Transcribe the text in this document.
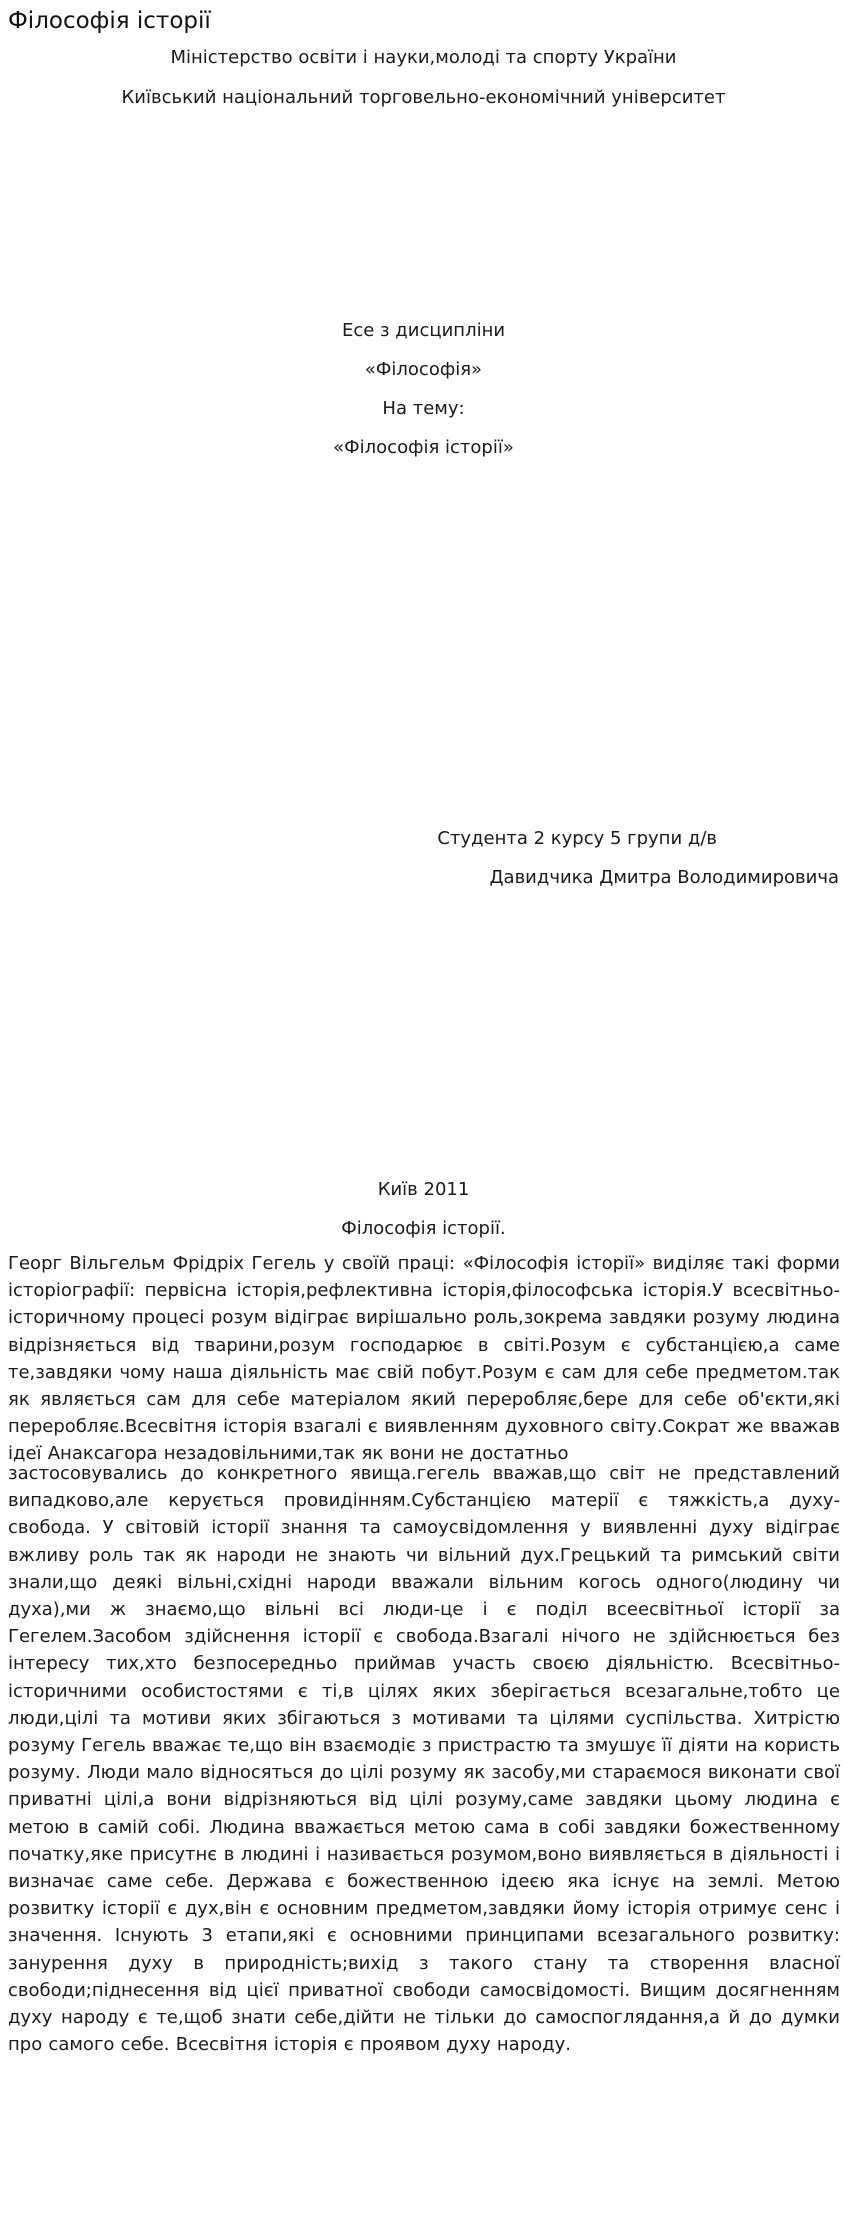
Філософія історії
Міністерство освіти і науки,молоді та спорту України
Київський національний торговельно-економічний університет
Есе з дисципліни
«Філософія»
На тему:
«Філософія історії»
Студента 2 курсу 5 групи д/в
Давидчика Дмитра Володимировича
Київ 2011
Філософія історії.
Георг Вільгельм Фрідріх Гегель у своїй праці: «Філософія історії» виділяє такі форми історіографії: первісна історія,рефлективна історія,філософська історія.У всесвітньо-історичному процесі розум відіграє вирішально роль,зокрема завдяки розуму людина відрізняється від тварини,розум господарює в світі.Розум є субстанцією,а саме те,завдяки чому наша діяльність має свій побут.Розум є сам для себе предметом.так як являється сам для себе матеріалом який переробляє,бере для себе об'єкти,які переробляє.Всесвітня історія взагалі є виявленням духовного світу.Сократ же вважав ідеї Анаксагора незадовільними,так як вони не достатньо
застосовувались до конкретного явища.гегель вважав,що світ не представлений випадково,але керується провидінням.Субстанцією матерії є тяжкість,а духу-свобода. У світовій історії знання та самоусвідомлення у виявленні духу відіграє вжливу роль так як народи не знають чи вільний дух.Грецький та римський світи знали,що деякі вільні,східні народи вважали вільним когось одного(людину чи духа),ми ж знаємо,що вільні всі люди-це і є поділ всеесвітньої історії за Гегелем.Засобом здійснення історії є свобода.Взагалі нічого не здійснюється без інтересу тих,хто безпосередньо приймав участь своєю діяльністю. Всесвітньо-історичними особистостями є ті,в цілях яких зберігається всезагальне,тобто це люди,цілі та мотиви яких збігаються з мотивами та цілями суспільства. Хитрістю розуму Гегель вважає те,що він взаємодіє з пристрастю та змушує її діяти на користь розуму. Люди мало відносяться до цілі розуму як засобу,ми стараємося виконати свої приватні цілі,а вони відрізняються від цілі розуму,саме завдяки цьому людина є метою в самій собі. Людина вважається метою сама в собі завдяки божественному початку,яке присутнє в людині і називається розумом,воно виявляється в діяльності і визначає саме себе. Держава є божественною ідеєю яка існує на землі. Метою розвитку історії є дух,він є основним предметом,завдяки йому історія отримує сенс і значення. Існують 3 етапи,які є основними принципами всезагального розвитку: занурення духу в природність;вихід з такого стану та створення власної свободи;піднесення від цієї приватної свободи самосвідомості. Вищим досягненням духу народу є те,щоб знати себе,дійти не тільки до самоспоглядання,а й до думки про самого себе. Всесвітня історія є проявом духу народу.
